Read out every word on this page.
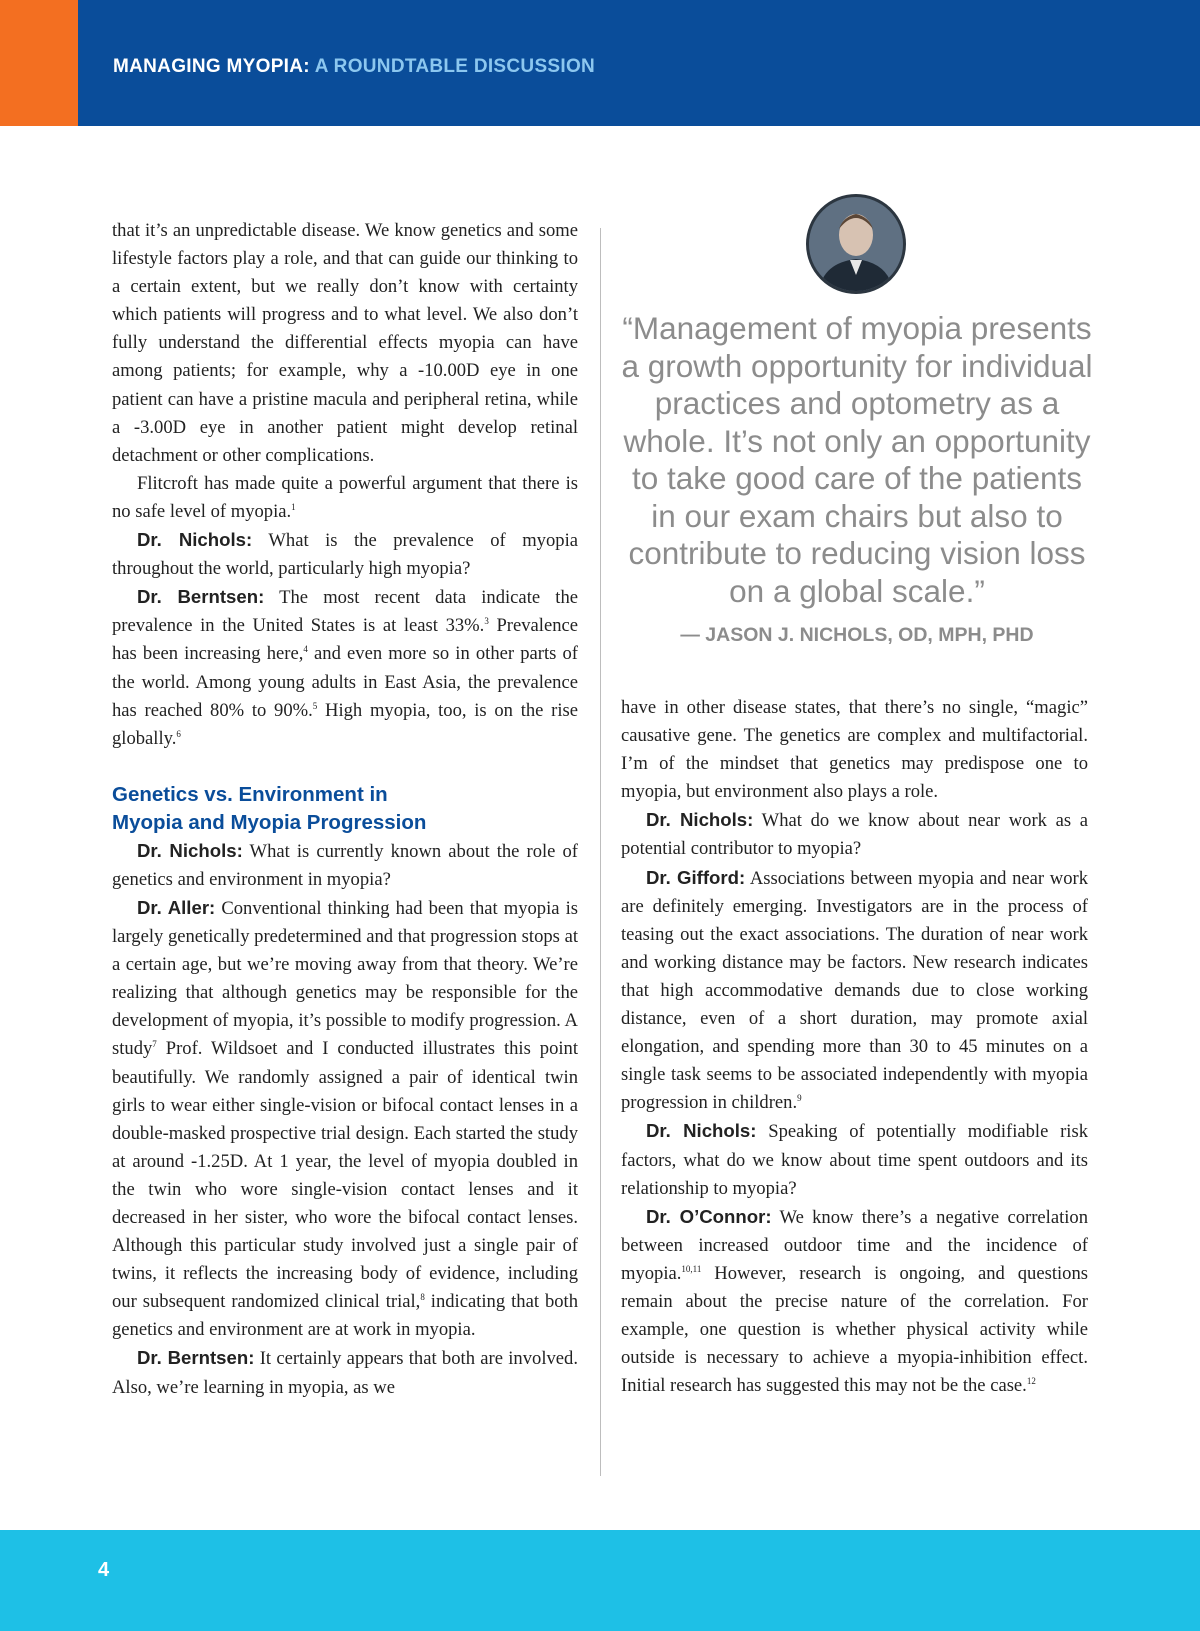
MANAGING MYOPIA: A ROUNDTABLE DISCUSSION

that it’s an unpredictable disease. We know genetics and some lifestyle factors play a role, and that can guide our thinking to a certain extent, but we really don’t know with certainty which patients will progress and to what level. We also don’t fully understand the differential effects myopia can have among patients; for example, why a -10.00D eye in one patient can have a pristine macula and peripheral retina, while a -3.00D eye in another patient might develop retinal detachment or other complications.

Flitcroft has made quite a powerful argument that there is no safe level of myopia.$^1$

Dr. Nichols: What is the prevalence of myopia throughout the world, particularly high myopia?

Dr. Berntsen: The most recent data indicate the prevalence in the United States is at least 33%.$^3$ Prevalence has been increasing here,$^4$ and even more so in other parts of the world. Among young adults in East Asia, the prevalence has reached 80% to 90%.$^5$ High myopia, too, is on the rise globally.$^6$

Genetics vs. Environment in
Myopia and Myopia Progression

Dr. Nichols: What is currently known about the role of genetics and environment in myopia?

Dr. Aller: Conventional thinking had been that myopia is largely genetically predetermined and that progression stops at a certain age, but we’re moving away from that theory. We’re realizing that although genetics may be responsible for the development of myopia, it’s possible to modify progression. A study$^7$ Prof. Wildsoet and I conducted illustrates this point beautifully. We randomly assigned a pair of identical twin girls to wear either single-vision or bifocal contact lenses in a double-masked prospective trial design. Each started the study at around -1.25D. At 1 year, the level of myopia doubled in the twin who wore single-vision contact lenses and it decreased in her sister, who wore the bifocal contact lenses. Although this particular study involved just a single pair of twins, it reflects the increasing body of evidence, including our subsequent randomized clinical trial,$^8$ indicating that both genetics and environment are at work in myopia.

Dr. Berntsen: It certainly appears that both are involved. Also, we’re learning in myopia, as we

“Management of myopia presents a growth opportunity for individual practices and optometry as a whole. It’s not only an opportunity to take good care of the patients in our exam chairs but also to contribute to reducing vision loss on a global scale.”
— JASON J. NICHOLS, OD, MPH, PHD

have in other disease states, that there’s no single, “magic” causative gene. The genetics are complex and multifactorial. I’m of the mindset that genetics may predispose one to myopia, but environment also plays a role.

Dr. Nichols: What do we know about near work as a potential contributor to myopia?

Dr. Gifford: Associations between myopia and near work are definitely emerging. Investigators are in the process of teasing out the exact associations. The duration of near work and working distance may be factors. New research indicates that high accommodative demands due to close working distance, even of a short duration, may promote axial elongation, and spending more than 30 to 45 minutes on a single task seems to be associated independently with myopia progression in children.$^9$

Dr. Nichols: Speaking of potentially modifiable risk factors, what do we know about time spent outdoors and its relationship to myopia?

Dr. O’Connor: We know there’s a negative correlation between increased outdoor time and the incidence of myopia.$^{10,11}$ However, research is ongoing, and questions remain about the precise nature of the correlation. For example, one question is whether physical activity while outside is necessary to achieve a myopia-inhibition effect. Initial research has suggested this may not be the case.$^{12}$

4
